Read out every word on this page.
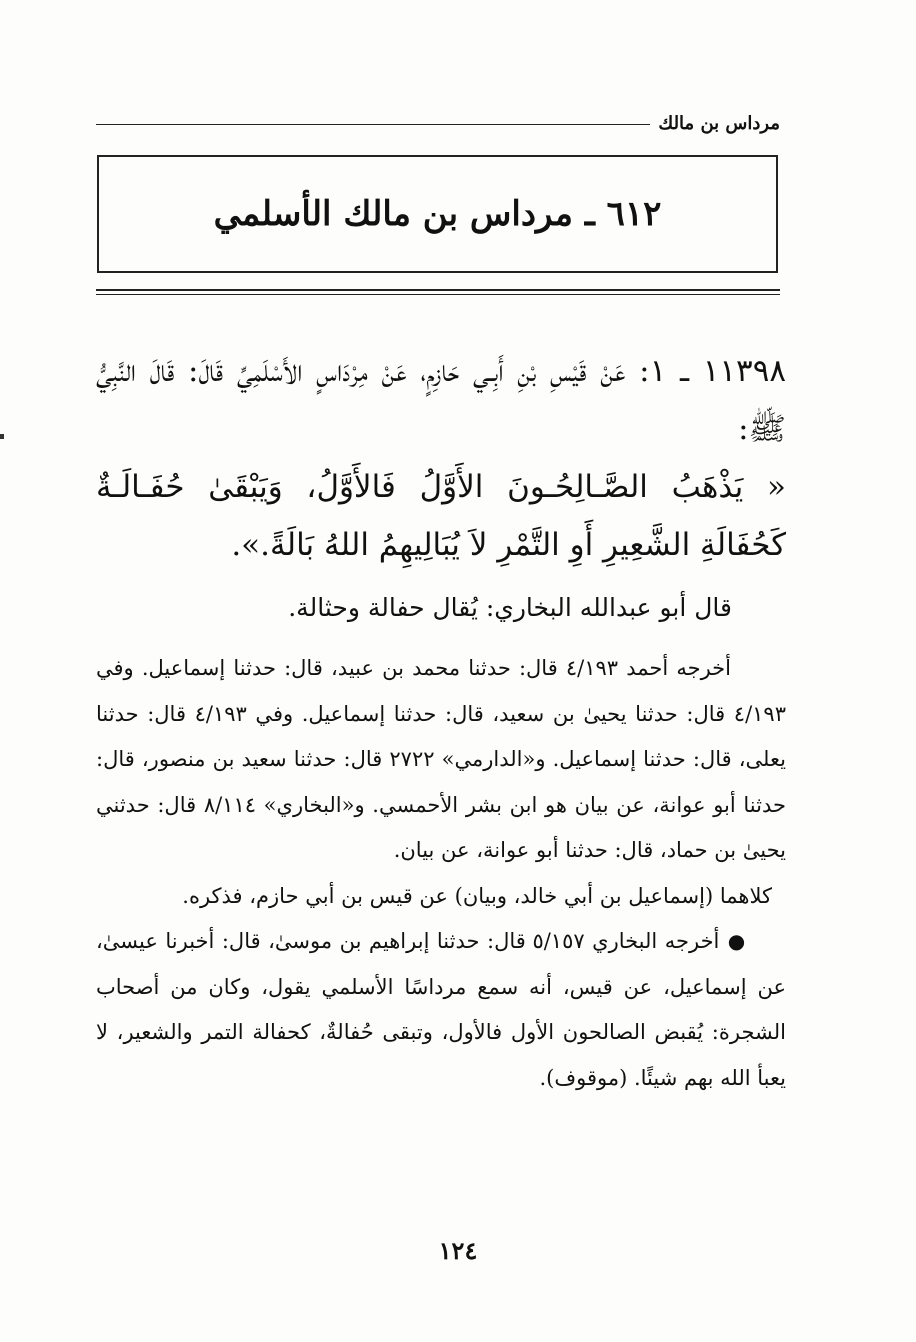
مرداس بن مالك
٦١٢ ـ مرداس بن مالك الأسلمي

١١٣٩٨ ـ ١: عَنْ قَيْسِ بْنِ أَبِـي حَازِمٍ، عَنْ مِرْدَاسٍ الأَسْلَمِيِّ قَالَ: قَالَ النَّبِيُّ ﷺ:

« يَذْهَبُ الصَّـالِحُـونَ الأَوَّلُ فَالأَوَّلُ، وَيَبْقَىٰ حُفَـالَـةٌ كَحُفَالَةِ الشَّعِيرِ أَوِ التَّمْرِ لاَ يُبَالِيهِمُ اللهُ بَالَةً.».

قال أبو عبدالله البخاري: يُقال حفالة وحثالة.

أخرجه أحمد ٤/١٩٣ قال: حدثنا محمد بن عبيد، قال: حدثنا إسماعيل. وفي ٤/١٩٣ قال: حدثنا يحيىٰ بن سعيد، قال: حدثنا إسماعيل. وفي ٤/١٩٣ قال: حدثنا يعلى، قال: حدثنا إسماعيل. و«الدارمي» ٢٧٢٢ قال: حدثنا سعيد بن منصور، قال: حدثنا أبو عوانة، عن بيان هو ابن بشر الأحمسي. و«البخاري» ٨/١١٤ قال: حدثني يحيىٰ بن حماد، قال: حدثنا أبو عوانة، عن بيان.

كلاهما (إسماعيل بن أبي خالد، وبيان) عن قيس بن أبي حازم، فذكره.

● أخرجه البخاري ٥/١٥٧ قال: حدثنا إبراهيم بن موسىٰ، قال: أخبرنا عيسىٰ، عن إسماعيل، عن قيس، أنه سمع مرداسًا الأسلمي يقول، وكان من أصحاب الشجرة: يُقبض الصالحون الأول فالأول، وتبقى حُفالةٌ، كحفالة التمر والشعير، لا يعبأ الله بهم شيئًا. (موقوف).

١٢٤
